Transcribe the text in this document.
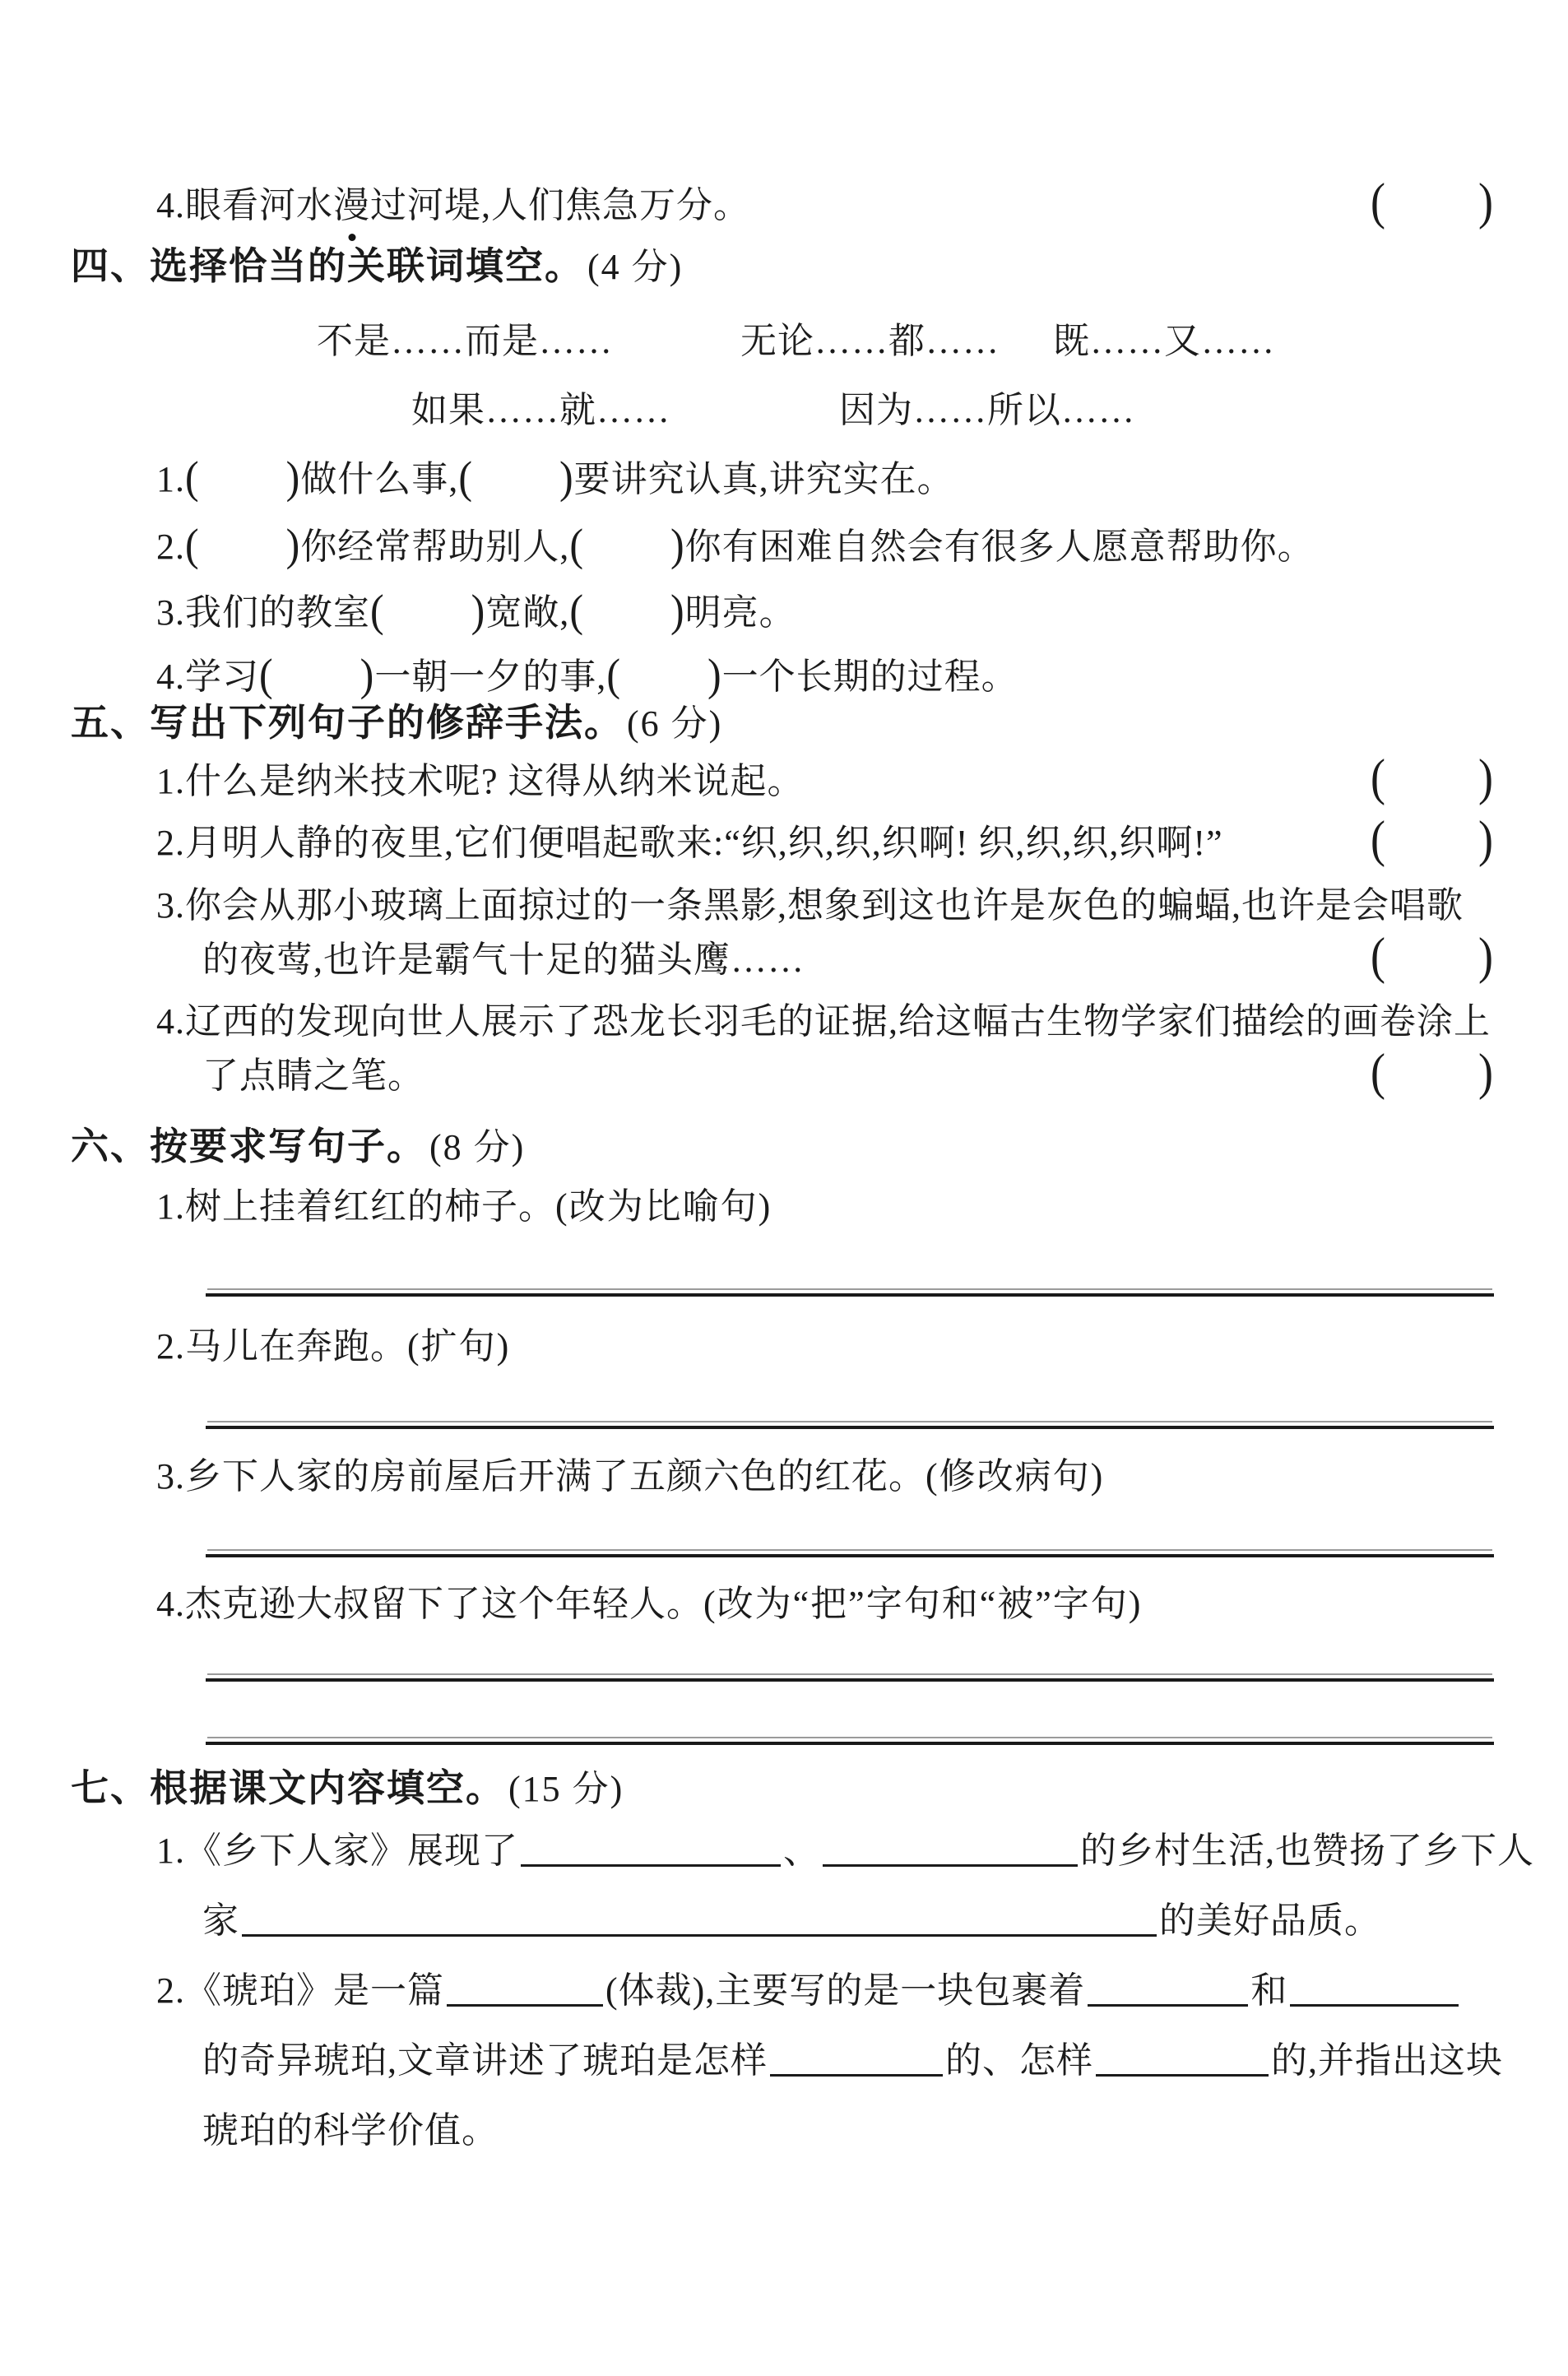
4.眼看河水漫过河堤,人们焦急万分。	( )
四、选择恰当的关联词填空。 (4 分)
不是……而是……	无论……都…… 既……又……
如果……就……	因为……所以……
1. ( ) 做什么事, ( ) 要讲究认真,讲究实在。
2. ( ) 你经常帮助别人, ( ) 你有困难自然会有很多人愿意帮助你。
3.我们的教室 ( ) 宽敞, ( ) 明亮。
4.学习 ( ) 一朝一夕的事, ( ) 一个长期的过程。
五、写出下列句子的修辞手法。 (6 分)
1.什么是纳米技术呢? 这得从纳米说起。	( )
2.月明人静的夜里,它们便唱起歌来:“织,织,织,织啊! 织,织,织,织啊!”	( )
3.你会从那小玻璃上面掠过的一条黑影,想象到这也许是灰色的蝙蝠,也许是会唱歌
的夜莺,也许是霸气十足的猫头鹰……	( )
4.辽西的发现向世人展示了恐龙长羽毛的证据,给这幅古生物学家们描绘的画卷涂上
了点睛之笔。	( )
六、按要求写句子。 (8 分)
1.树上挂着红红的柿子。(改为比喻句)
2.马儿在奔跑。(扩句)
3.乡下人家的房前屋后开满了五颜六色的红花。(修改病句)
4.杰克逊大叔留下了这个年轻人。(改为“把”字句和“被”字句)
七、根据课文内容填空。 (15 分)
1.《乡下人家》展现了	、	的乡村生活,也赞扬了乡下人
家	的美好品质。
2.《琥珀》是一篇	(体裁),主要写的是一块包裹着	和
的奇异琥珀,文章讲述了琥珀是怎样	的、怎样	的,并指出这块
琥珀的科学价值。
